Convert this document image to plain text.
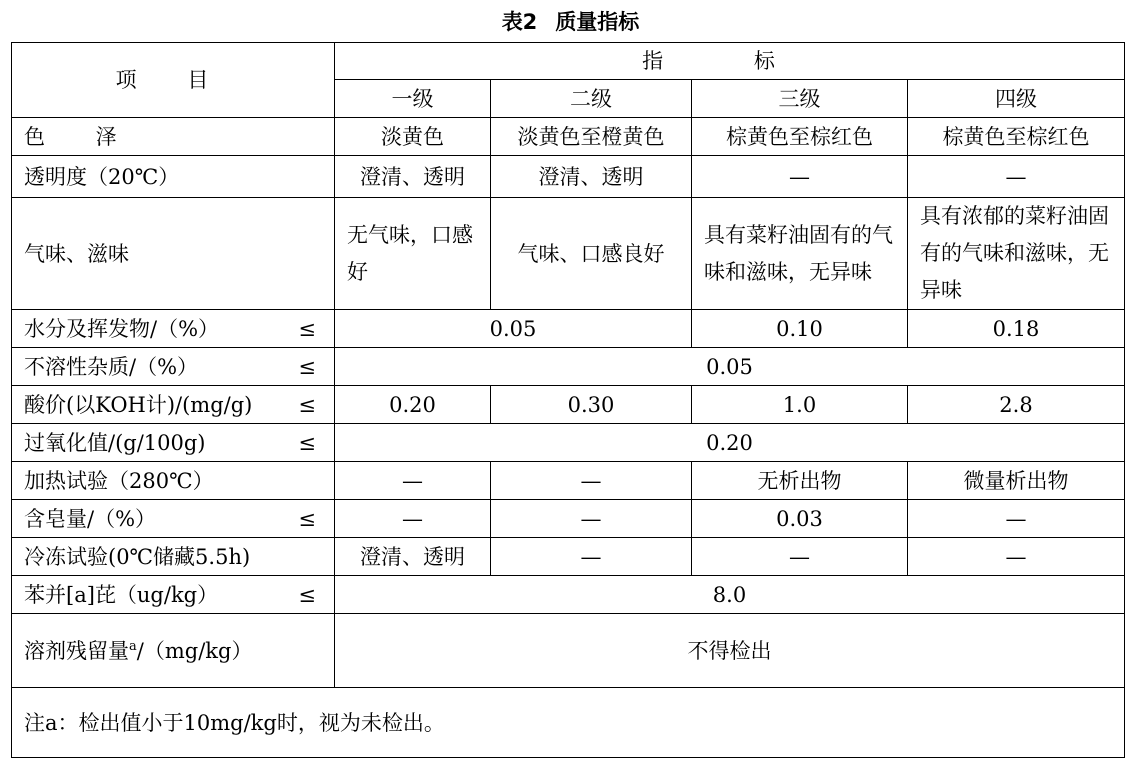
表2 质量指标
项 目	指 标			
	一级	二级	三级	四级
色 泽	淡黄色	淡黄色至橙黄色	棕黄色至棕红色	棕黄色至棕红色
透明度（20℃）	澄清、透明	澄清、透明	—	—
气味、滋味	无气味，口感好	气味、口感良好	具有菜籽油固有的气味和滋味，无异味	具有浓郁的菜籽油固有的气味和滋味，无异味

水分及挥发物/（%） ≤	0.05		0.10	0.18

不溶性杂质/（%） ≤	0.05			

酸价(以KOH计)/(mg/g) ≤	0.20	0.30	1.0	2.8

过氧化值/(g/100g) ≤	0.20			
加热试验（280℃）	—	—	无析出物	微量析出物

含皂量/（%） ≤	—	—	0.03	—
冷冻试验(0℃储藏5.5h)	澄清、透明	—	—	—

苯并[a]芘（ug/kg） ≤	8.0			
溶剂残留量$^a$/（mg/kg）	不得检出			
注a：检出值小于10mg/kg时，视为未检出。				
